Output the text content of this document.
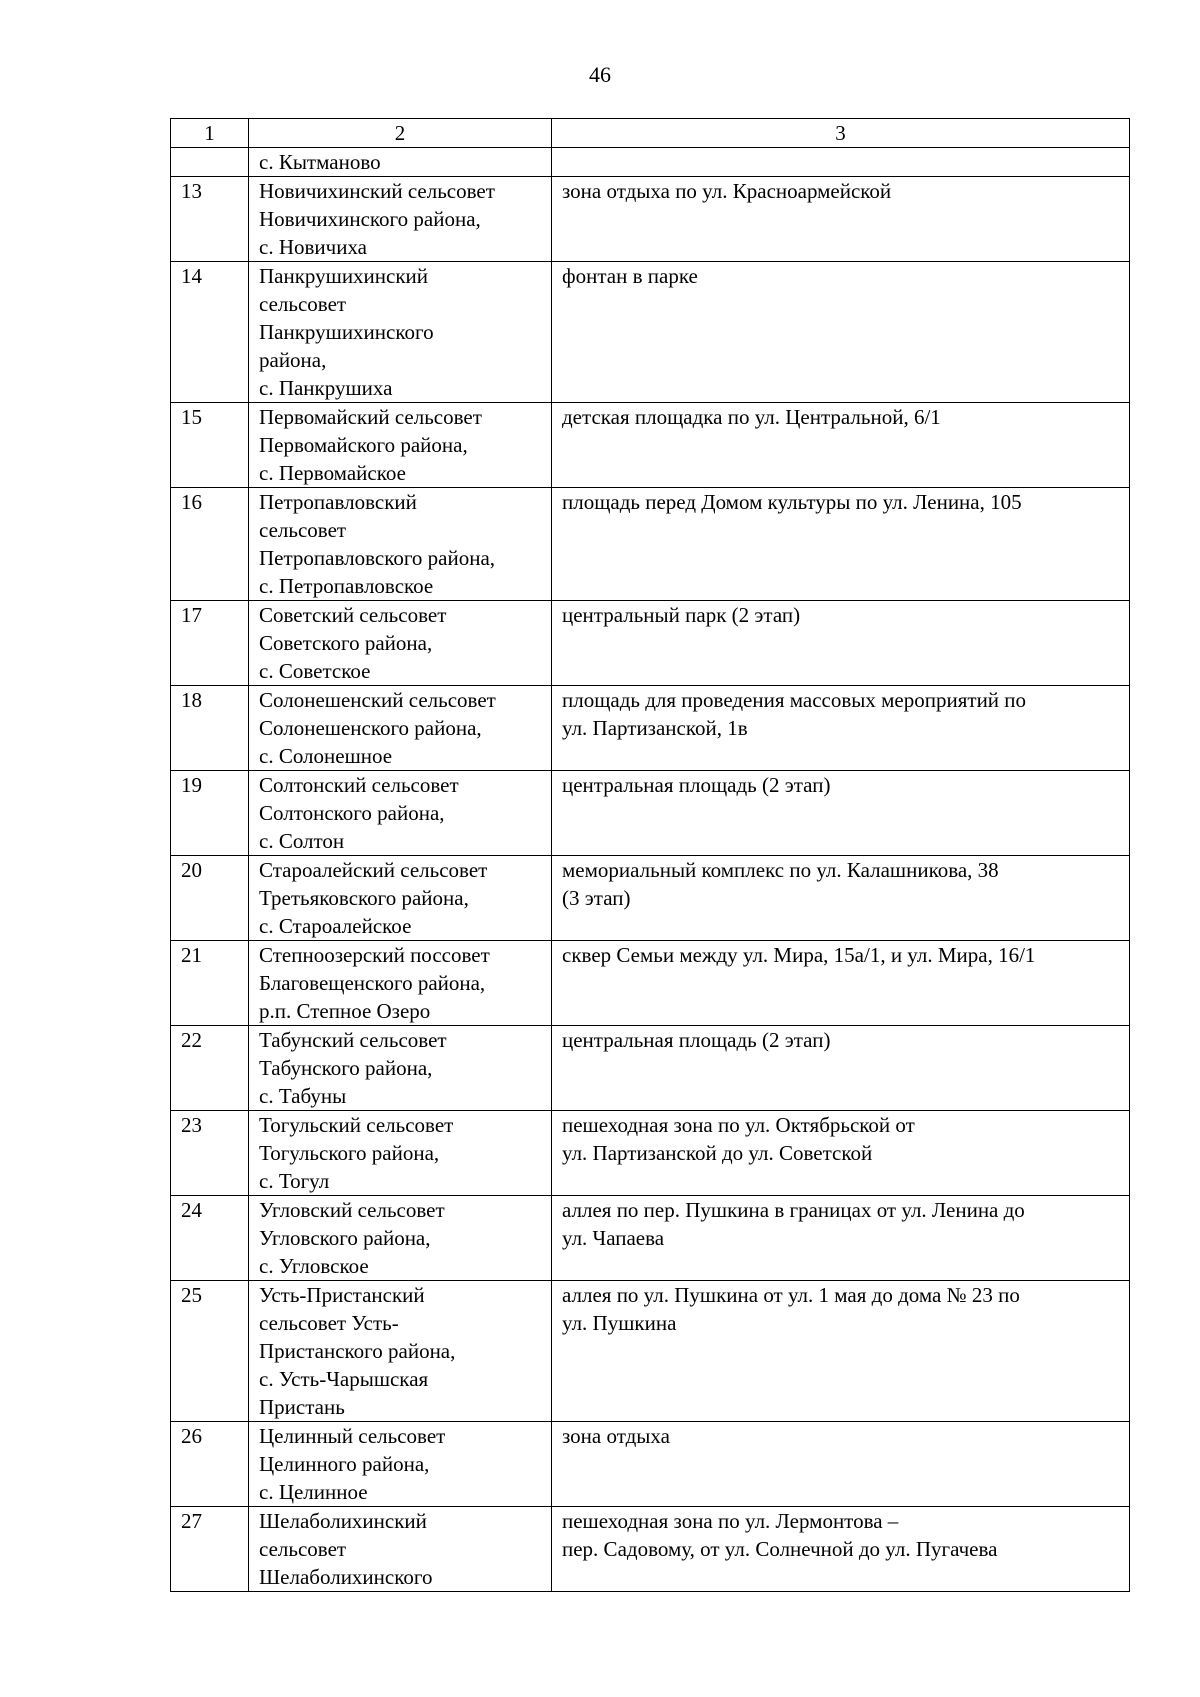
46
1	2	3
	с. Кытманово	
13	Новичихинский сельсовет
Новичихинского района,
с. Новичиха	зона отдыха по ул. Красноармейской
14	Панкрушихинский
сельсовет
Панкрушихинского
района,
с. Панкрушиха	фонтан в парке
15	Первомайский сельсовет
Первомайского района,
с. Первомайское	детская площадка по ул. Центральной, 6/1
16	Петропавловский
сельсовет
Петропавловского района,
с. Петропавловское	площадь перед Домом культуры по ул. Ленина, 105
17	Советский сельсовет
Советского района,
с. Советское	центральный парк (2 этап)
18	Солонешенский сельсовет
Солонешенского района,
с. Солонешное	площадь для проведения массовых мероприятий по
ул. Партизанской, 1в
19	Солтонский сельсовет
Солтонского района,
с. Солтон	центральная площадь (2 этап)
20	Староалейский сельсовет
Третьяковского района,
с. Староалейское	мемориальный комплекс по ул. Калашникова, 38
(3 этап)
21	Степноозерский поссовет
Благовещенского района,
р.п. Степное Озеро	сквер Семьи между ул. Мира, 15а/1, и ул. Мира, 16/1
22	Табунский сельсовет
Табунского района,
с. Табуны	центральная площадь (2 этап)
23	Тогульский сельсовет
Тогульского района,
с. Тогул	пешеходная зона по ул. Октябрьской от
ул. Партизанской до ул. Советской
24	Угловский сельсовет
Угловского района,
с. Угловское	аллея по пер. Пушкина в границах от ул. Ленина до
ул. Чапаева
25	Усть-Пристанский
сельсовет Усть-
Пристанского района,
с. Усть-Чарышская
Пристань	аллея по ул. Пушкина от ул. 1 мая до дома № 23 по
ул. Пушкина
26	Целинный сельсовет
Целинного района,
с. Целинное	зона отдыха
27	Шелаболихинский
сельсовет
Шелаболихинского	пешеходная зона по ул. Лермонтова –
пер. Садовому, от ул. Солнечной до ул. Пугачева
